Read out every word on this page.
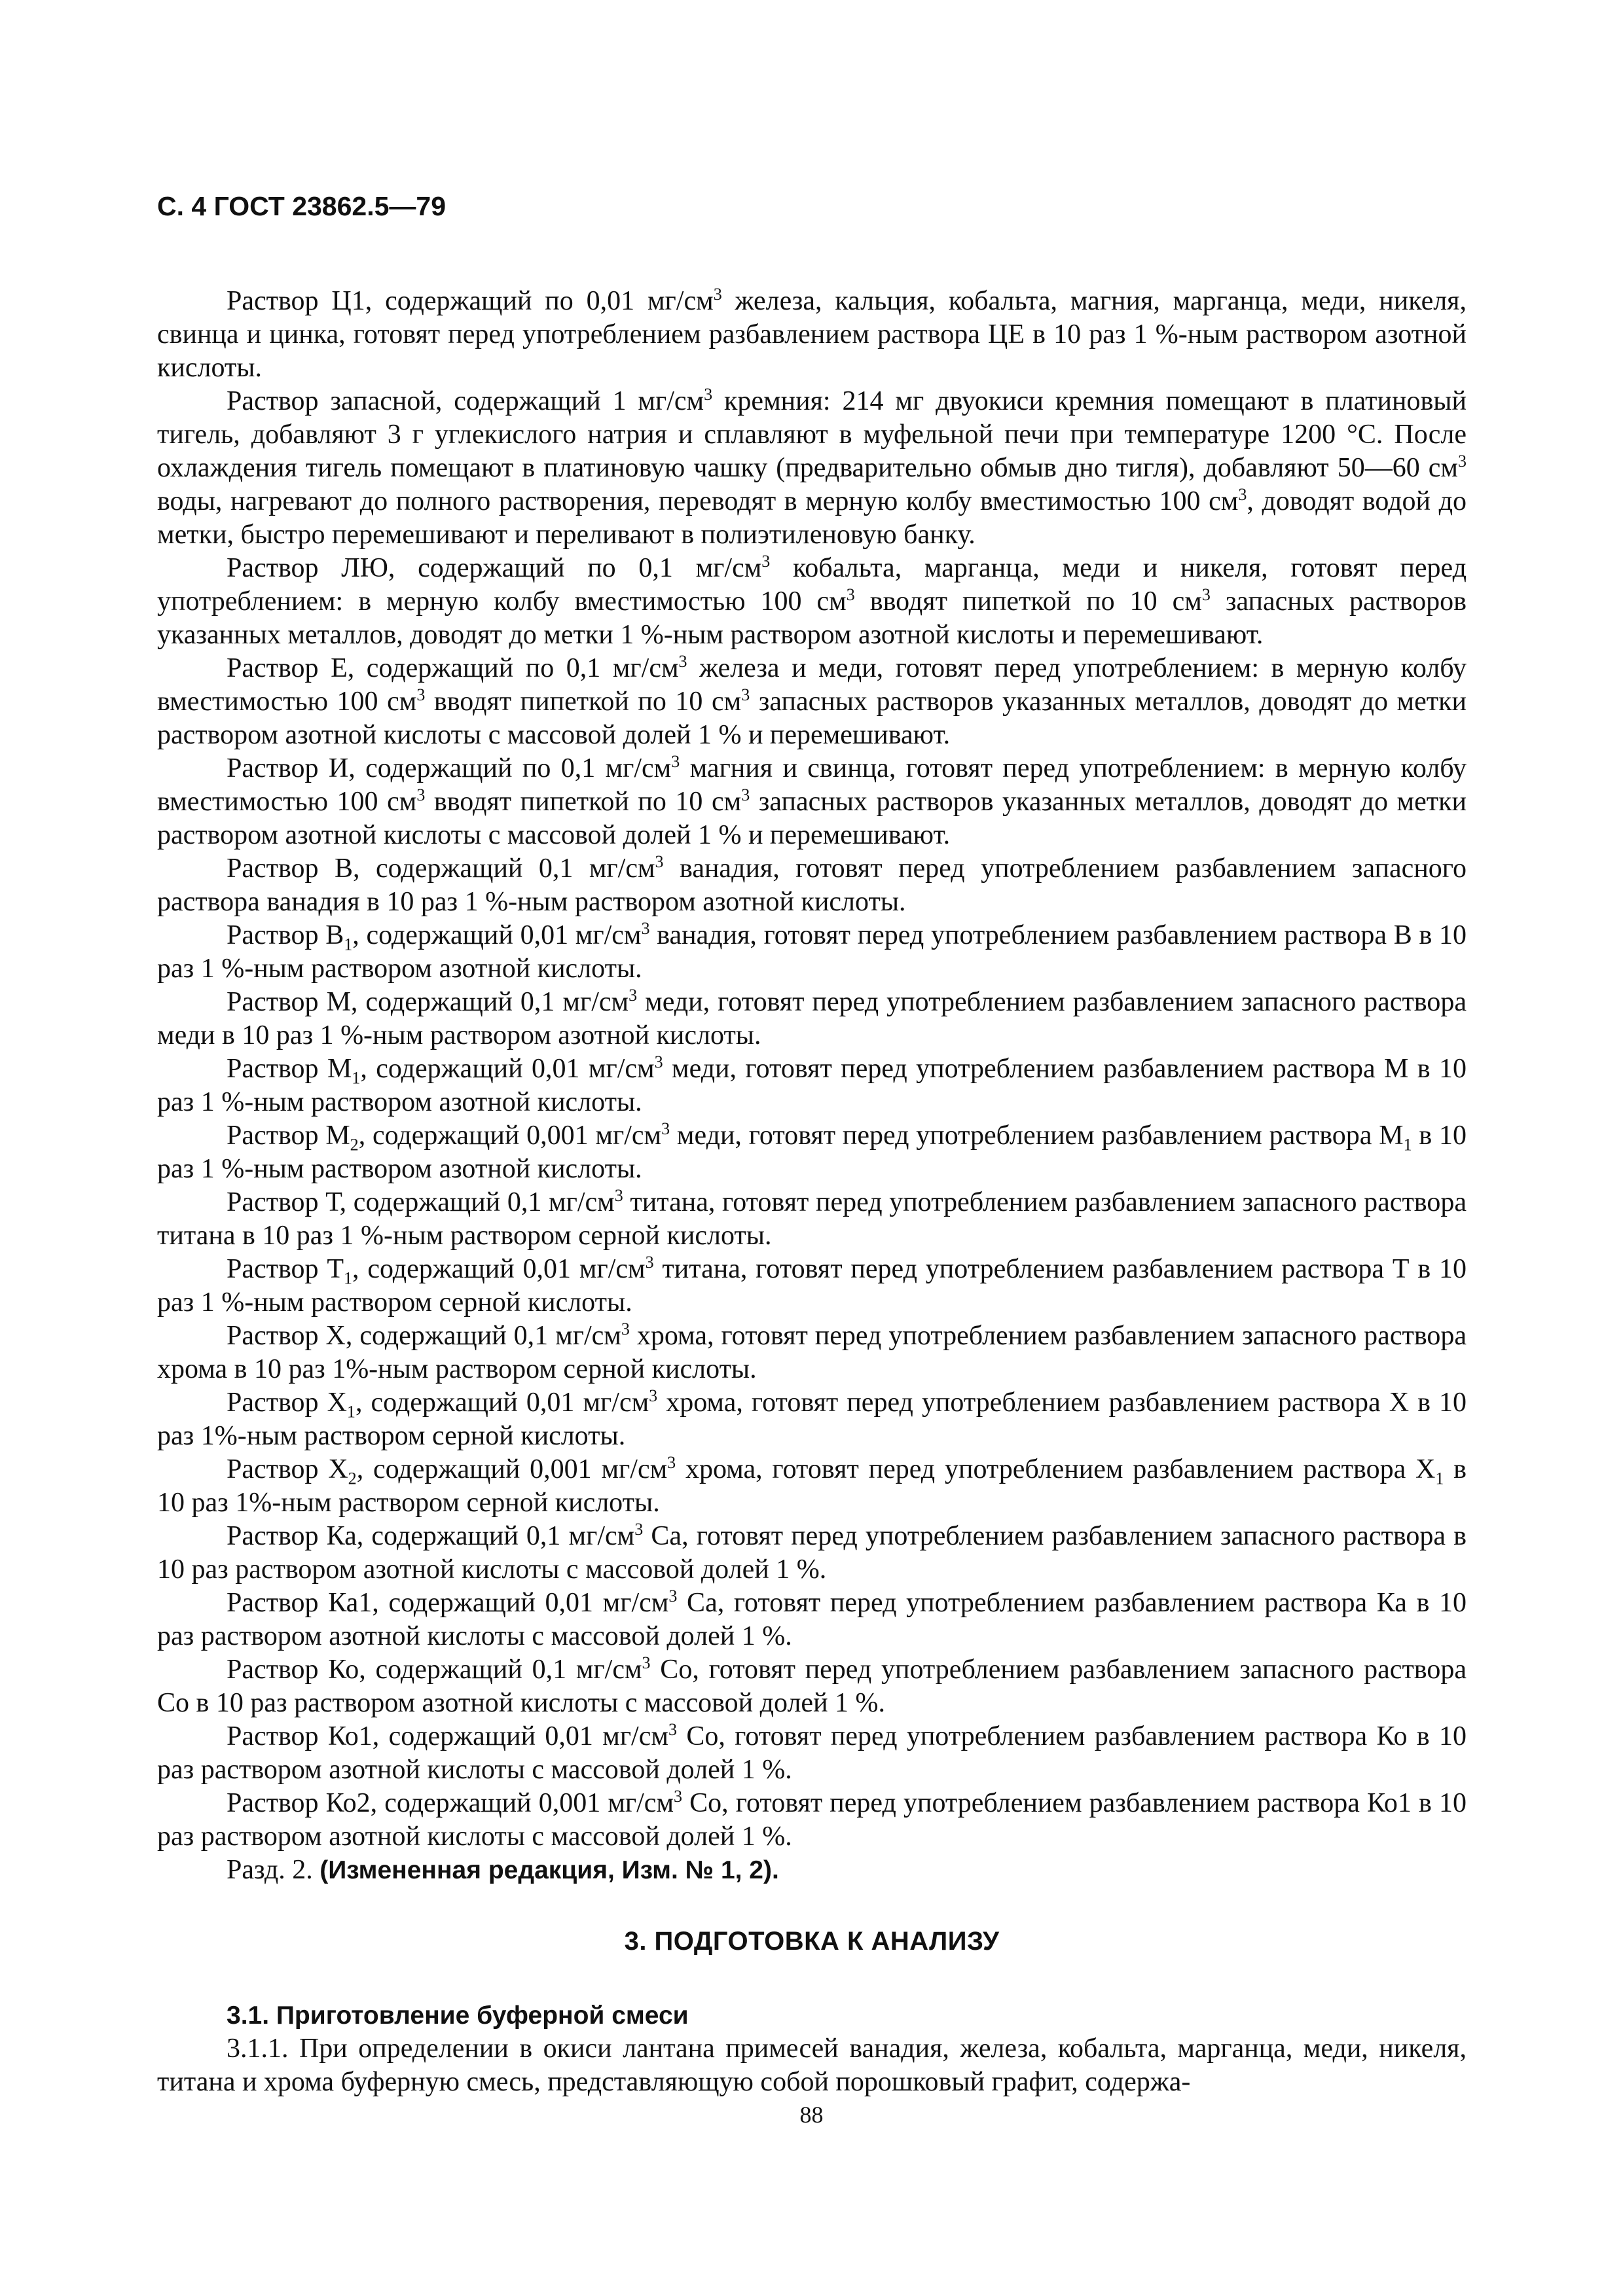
С. 4 ГОСТ 23862.5—79

Раствор Ц1, содержащий по 0,01 $мг/см^3$ железа, кальция, кобальта, магния, марганца, меди, никеля, свинца и цинка, готовят перед употреблением разбавлением раствора ЦЕ в 10 раз 1 %-ным раствором азотной кислоты.

Раствор запасной, содержащий 1 $мг/см^3$ кремния: 214 мг двуокиси кремния помещают в платиновый тигель, добавляют 3 г углекислого натрия и сплавляют в муфельной печи при температуре 1200 °С. После охлаждения тигель помещают в платиновую чашку (предварительно обмыв дно тигля), добавляют 50—60 $см^3$ воды, нагревают до полного растворения, переводят в мерную колбу вместимостью 100 $см^3$, доводят водой до метки, быстро перемешивают и переливают в полиэтиленовую банку.

Раствор ЛЮ, содержащий по 0,1 $мг/см^3$ кобальта, марганца, меди и никеля, готовят перед употреблением: в мерную колбу вместимостью 100 $см^3$ вводят пипеткой по 10 $см^3$ запасных растворов указанных металлов, доводят до метки 1 %-ным раствором азотной кислоты и перемешивают.

Раствор Е, содержащий по 0,1 $мг/см^3$ железа и меди, готовят перед употреблением: в мерную колбу вместимостью 100 $см^3$ вводят пипеткой по 10 $см^3$ запасных растворов указанных металлов, доводят до метки раствором азотной кислоты с массовой долей 1 % и перемешивают.

Раствор И, содержащий по 0,1 $мг/см^3$ магния и свинца, готовят перед употреблением: в мерную колбу вместимостью 100 $см^3$ вводят пипеткой по 10 $см^3$ запасных растворов указанных металлов, доводят до метки раствором азотной кислоты с массовой долей 1 % и перемешивают.

Раствор В, содержащий 0,1 $мг/см^3$ ванадия, готовят перед употреблением разбавлением запасного раствора ванадия в 10 раз 1 %-ным раствором азотной кислоты.

Раствор $В_1$, содержащий 0,01 $мг/см^3$ ванадия, готовят перед употреблением разбавлением раствора В в 10 раз 1 %-ным раствором азотной кислоты.

Раствор М, содержащий 0,1 $мг/см^3$ меди, готовят перед употреблением разбавлением запасного раствора меди в 10 раз 1 %-ным раствором азотной кислоты.

Раствор $М_1$, содержащий 0,01 $мг/см^3$ меди, готовят перед употреблением разбавлением раствора М в 10 раз 1 %-ным раствором азотной кислоты.

Раствор $М_2$, содержащий 0,001 $мг/см^3$ меди, готовят перед употреблением разбавлением раствора $М_1$ в 10 раз 1 %-ным раствором азотной кислоты.

Раствор Т, содержащий 0,1 $мг/см^3$ титана, готовят перед употреблением разбавлением запасного раствора титана в 10 раз 1 %-ным раствором серной кислоты.

Раствор $Т_1$, содержащий 0,01 $мг/см^3$ титана, готовят перед употреблением разбавлением раствора Т в 10 раз 1 %-ным раствором серной кислоты.

Раствор Х, содержащий 0,1 $мг/см^3$ хрома, готовят перед употреблением разбавлением запасного раствора хрома в 10 раз 1%-ным раствором серной кислоты.

Раствор $Х_1$, содержащий 0,01 $мг/см^3$ хрома, готовят перед употреблением разбавлением раствора Х в 10 раз 1%-ным раствором серной кислоты.

Раствор $Х_2$, содержащий 0,001 $мг/см^3$ хрома, готовят перед употреблением разбавлением раствора $Х_1$ в 10 раз 1%-ным раствором серной кислоты.

Раствор Ка, содержащий 0,1 $мг/см^3$ Са, готовят перед употреблением разбавлением запасного раствора в 10 раз раствором азотной кислоты с массовой долей 1 %.

Раствор Ка1, содержащий 0,01 $мг/см^3$ Са, готовят перед употреблением разбавлением раствора Ка в 10 раз раствором азотной кислоты с массовой долей 1 %.

Раствор Ко, содержащий 0,1 $мг/см^3$ Со, готовят перед употреблением разбавлением запасного раствора Со в 10 раз раствором азотной кислоты с массовой долей 1 %.

Раствор Ко1, содержащий 0,01 $мг/см^3$ Со, готовят перед употреблением разбавлением раствора Ко в 10 раз раствором азотной кислоты с массовой долей 1 %.

Раствор Ко2, содержащий 0,001 $мг/см^3$ Со, готовят перед употреблением разбавлением раствора Ко1 в 10 раз раствором азотной кислоты с массовой долей 1 %.

Разд. 2. (Измененная редакция, Изм. № 1, 2).

3. ПОДГОТОВКА К АНАЛИЗУ
3.1. Приготовление буферной смеси

3.1.1. При определении в окиси лантана примесей ванадия, железа, кобальта, марганца, меди, никеля, титана и хрома буферную смесь, представляющую собой порошковый графит, содержа-

88
